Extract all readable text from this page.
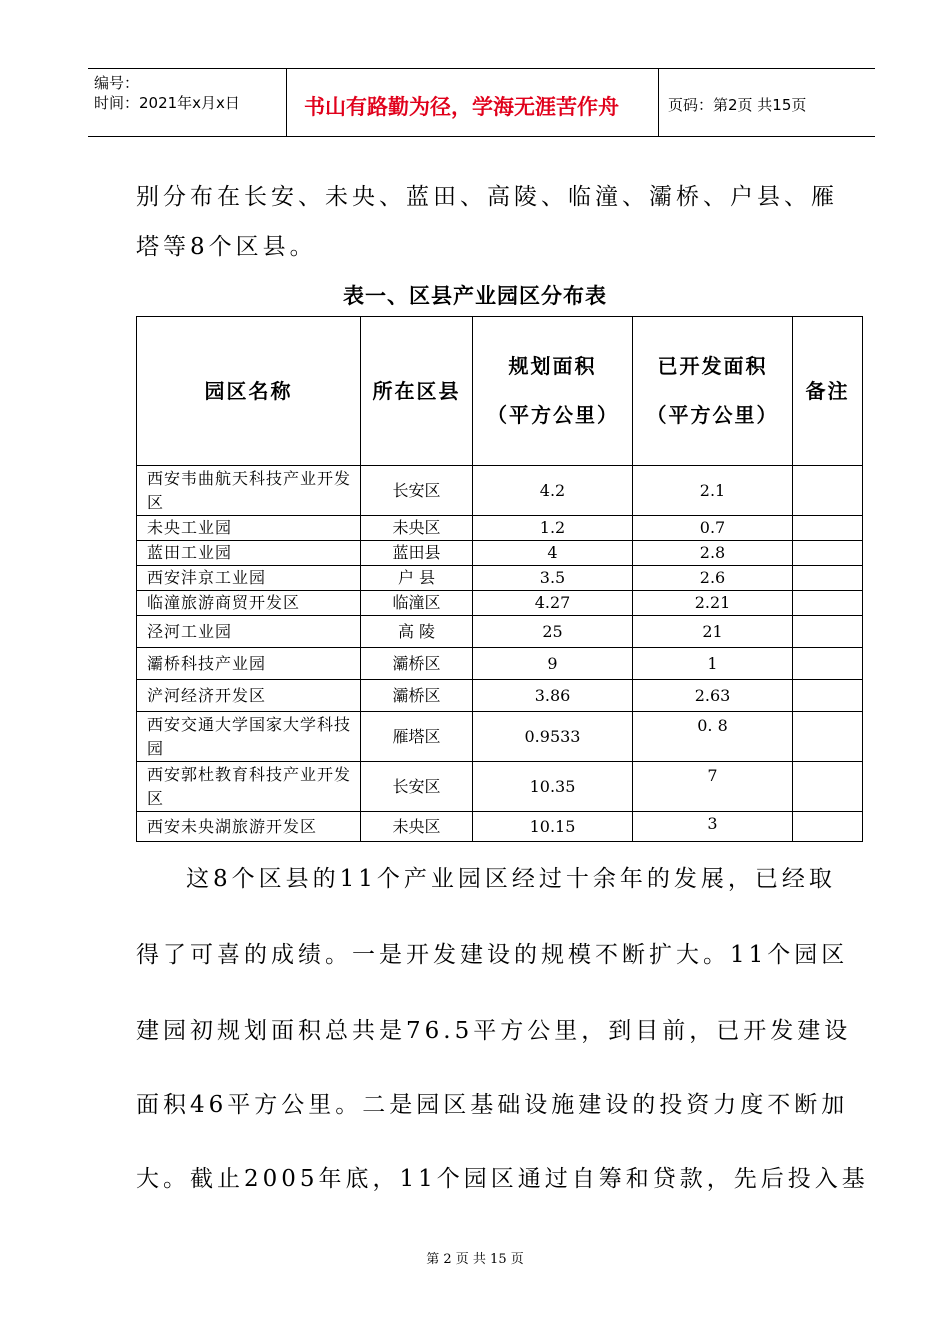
编号：
时间：2021年x月x日	书山有路勤为径，学海无涯苦作舟	页码：第2页 共15页
别分布在长安、未央、蓝田、高陵、临潼、灞桥、户县、雁
塔等8个区县。
表一、区县产业园区分布表
园区名称	所在区县	规划面积（平方公里）	已开发面积（平方公里）	备注
西安韦曲航天科技产业开发区	长安区	4.2	2.1	
未央工业园	未央区	1.2	0.7	
蓝田工业园	蓝田县	4	2.8	
西安沣京工业园	户 县	3.5	2.6	
临潼旅游商贸开发区	临潼区	4.27	2.21	
泾河工业园	高 陵	25	21	
灞桥科技产业园	灞桥区	9	1	
浐河经济开发区	灞桥区	3.86	2.63	
西安交通大学国家大学科技园	雁塔区	0.9533	0. 8	
西安郭杜教育科技产业开发区	长安区	10.35	7	
西安未央湖旅游开发区	未央区	10.15	3	
这8个区县的11个产业园区经过十余年的发展，已经取
得了可喜的成绩。一是开发建设的规模不断扩大。11个园区
建园初规划面积总共是76.5平方公里，到目前，已开发建设
面积46平方公里。二是园区基础设施建设的投资力度不断加
大。截止2005年底，11个园区通过自筹和贷款，先后投入基
第 2 页 共 15 页
